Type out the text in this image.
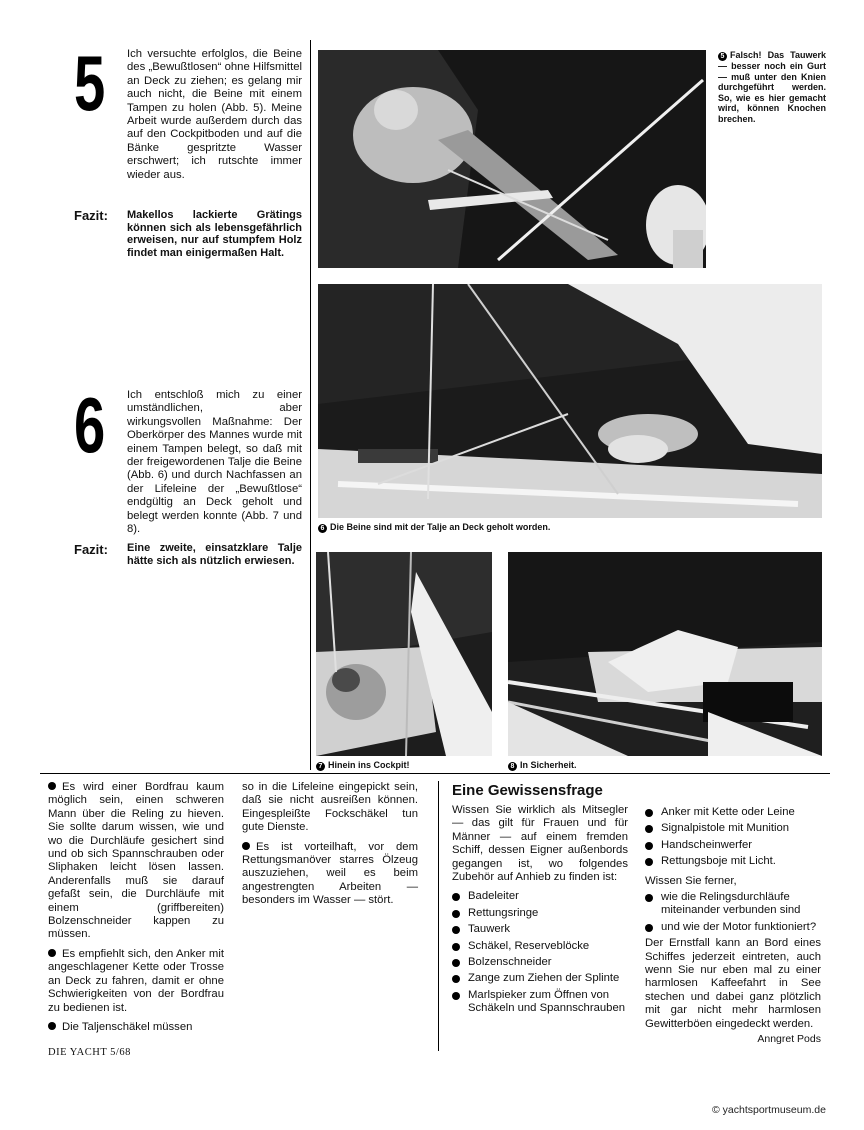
5 Ich versuchte erfolglos, die Beine des „Bewußtlosen“ ohne Hilfsmittel an Deck zu ziehen; es gelang mir auch nicht, die Beine mit einem Tampen zu holen (Abb. 5). Meine Arbeit wurde außerdem durch das auf den Cockpitboden und auf die Bänke gespritzte Wasser erschwert; ich rutschte immer wieder aus.
Fazit: Makellos lackierte Grätings können sich als lebensgefährlich erweisen, nur auf stumpfem Holz findet man einigermaßen Halt.
6 Ich entschloß mich zu einer umständlichen, aber wirkungsvollen Maßnahme: Der Oberkörper des Mannes wurde mit einem Tampen belegt, so daß mit der freigewordenen Talje die Beine (Abb. 6) und durch Nachfassen an der Lifeleine der „Bewußtlose“ endgültig an Deck geholt und belegt werden konnte (Abb. 7 und 8).
Fazit: Eine zweite, einsatzklare Talje hätte sich als nützlich erwiesen.
5 Falsch! Das Tauwerk — besser noch ein Gurt — muß unter den Knien durchgeführt werden. So, wie es hier gemacht wird, können Knochen brechen.
6 Die Beine sind mit der Talje an Deck geholt worden.
7 Hinein ins Cockpit!	8 In Sicherheit.

Es wird einer Bordfrau kaum möglich sein, einen schweren Mann über die Reling zu hieven. Sie sollte darum wissen, wie und wo die Durchläufe gesichert sind und ob sich Spannschrauben oder Sliphaken leicht lösen lassen. Anderenfalls muß sie darauf gefaßt sein, die Durchläufe mit einem (griffbereiten) Bolzenschneider kappen zu müssen.

Es empfiehlt sich, den Anker mit angeschlagener Kette oder Trosse an Deck zu fahren, damit er ohne Schwierigkeiten von der Bordfrau zu bedienen ist.

Die Taljenschäkel müssen

so in die Lifeleine eingepickt sein, daß sie nicht ausreißen können. Eingespleißte Fockschäkel tun gute Dienste.

Es ist vorteilhaft, vor dem Rettungsmanöver starres Ölzeug auszuziehen, weil es beim angestrengten Arbeiten — besonders im Wasser — stört.

Eine Gewissensfrage
Wissen Sie wirklich als Mitsegler — das gilt für Frauen und für Männer — auf einem fremden Schiff, dessen Eigner außenbords gegangen ist, wo folgendes Zubehör auf Anhieb zu finden ist:
Badeleiter
Rettungsringe
Tauwerk
Schäkel, Reserveblöcke
Bolzenschneider
Zange zum Ziehen der Splinte
Marlspieker zum Öffnen von Schäkeln und Spannschrauben
Anker mit Kette oder Leine
Signalpistole mit Munition
Handscheinwerfer
Rettungsboje mit Licht.
Wissen Sie ferner,
wie die Relingsdurchläufe miteinander verbunden sind
und wie der Motor funktioniert?
Der Ernstfall kann an Bord eines Schiffes jederzeit eintreten, auch wenn Sie nur eben mal zu einer harmlosen Kaffeefahrt in See stechen und dabei ganz plötzlich mit gar nicht mehr harmlosen Gewitterböen eingedeckt werden.
Anngret Pods
DIE YACHT 5/68
© yachtsportmuseum.de
